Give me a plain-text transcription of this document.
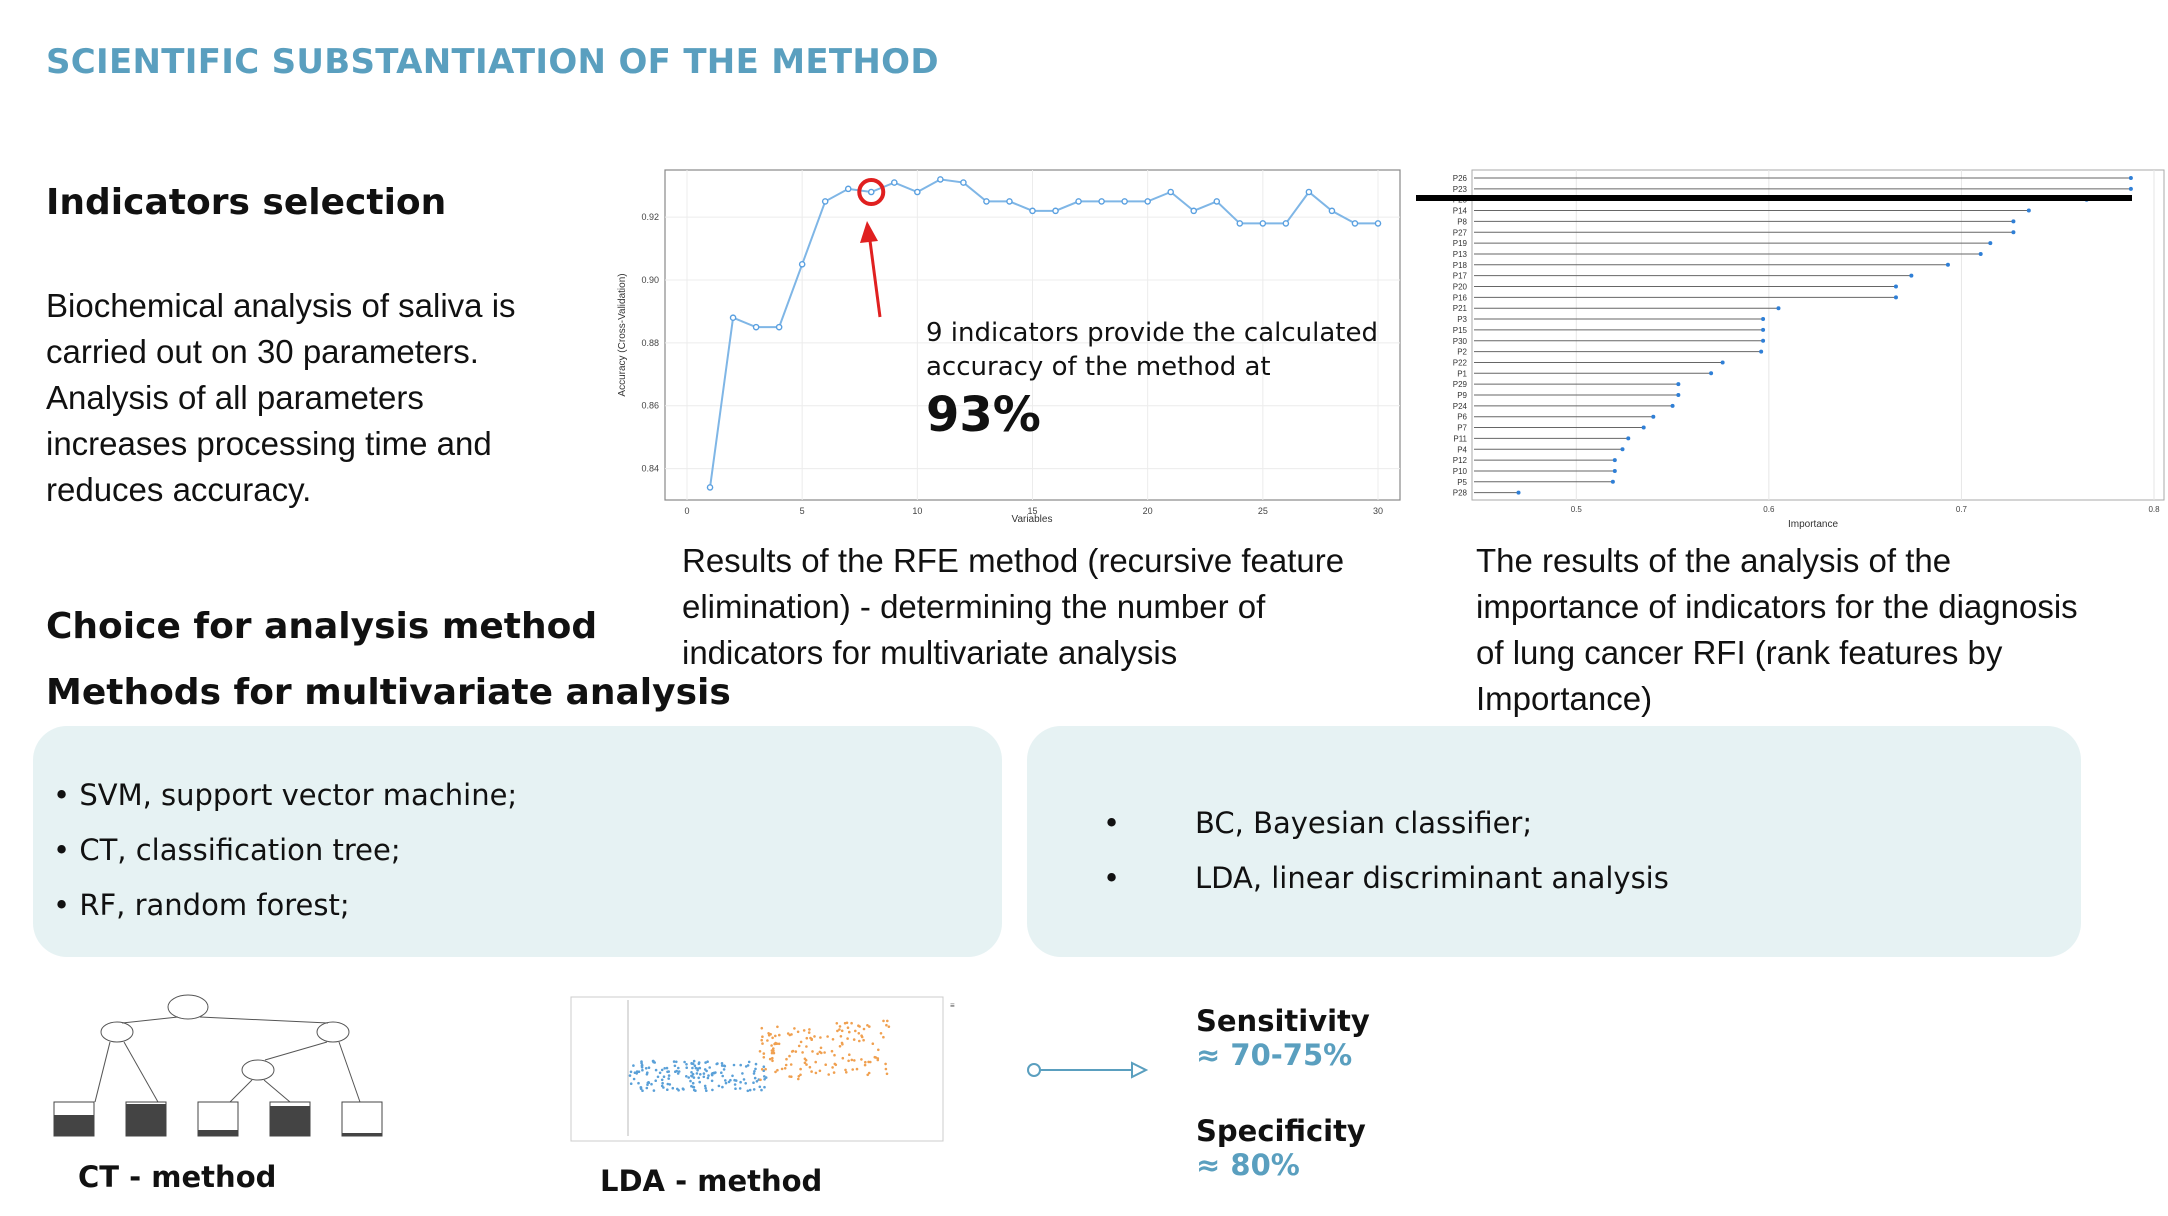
SCIENTIFIC SUBSTANTIATION OF THE METHOD
Indicators selection
Biochemical analysis of saliva is
carried out on 30 parameters.
Analysis of all parameters
increases processing time and
reduces accuracy.
Choice for analysis method
Methods for multivariate analysis
0.84
0.86
0.88
0.90
0.92
0	5	10	15	20	25	30
Variables
Accuracy (Cross-Validation)	9 indicators provide the calculated
accuracy of the method at
93%
P26
P23
P14
P8
P27
P19
P13
P18
P17
P20
P16
P21
P3
P15
P30
P2
P22
P1
P29
P9
P24
P6
P7
P11
P4
P12
P10
P5
P28
0.5	0.6	0.7	0.8
Importance
Results of the RFE method (recursive feature
elimination) - determining the number of
indicators for multivariate analysis
The results of the analysis of the
importance of indicators for the diagnosis
of lung cancer RFI (rank features by
Importance)
• SVM, support vector machine;
• CT, classification tree;
• RF, random forest;
•	BC, Bayesian classifier;
•	LDA, linear discriminant analysis
CT - method
≡
LDA - method
Sensitivity
≈ 70-75%
Specificity
≈ 80%
